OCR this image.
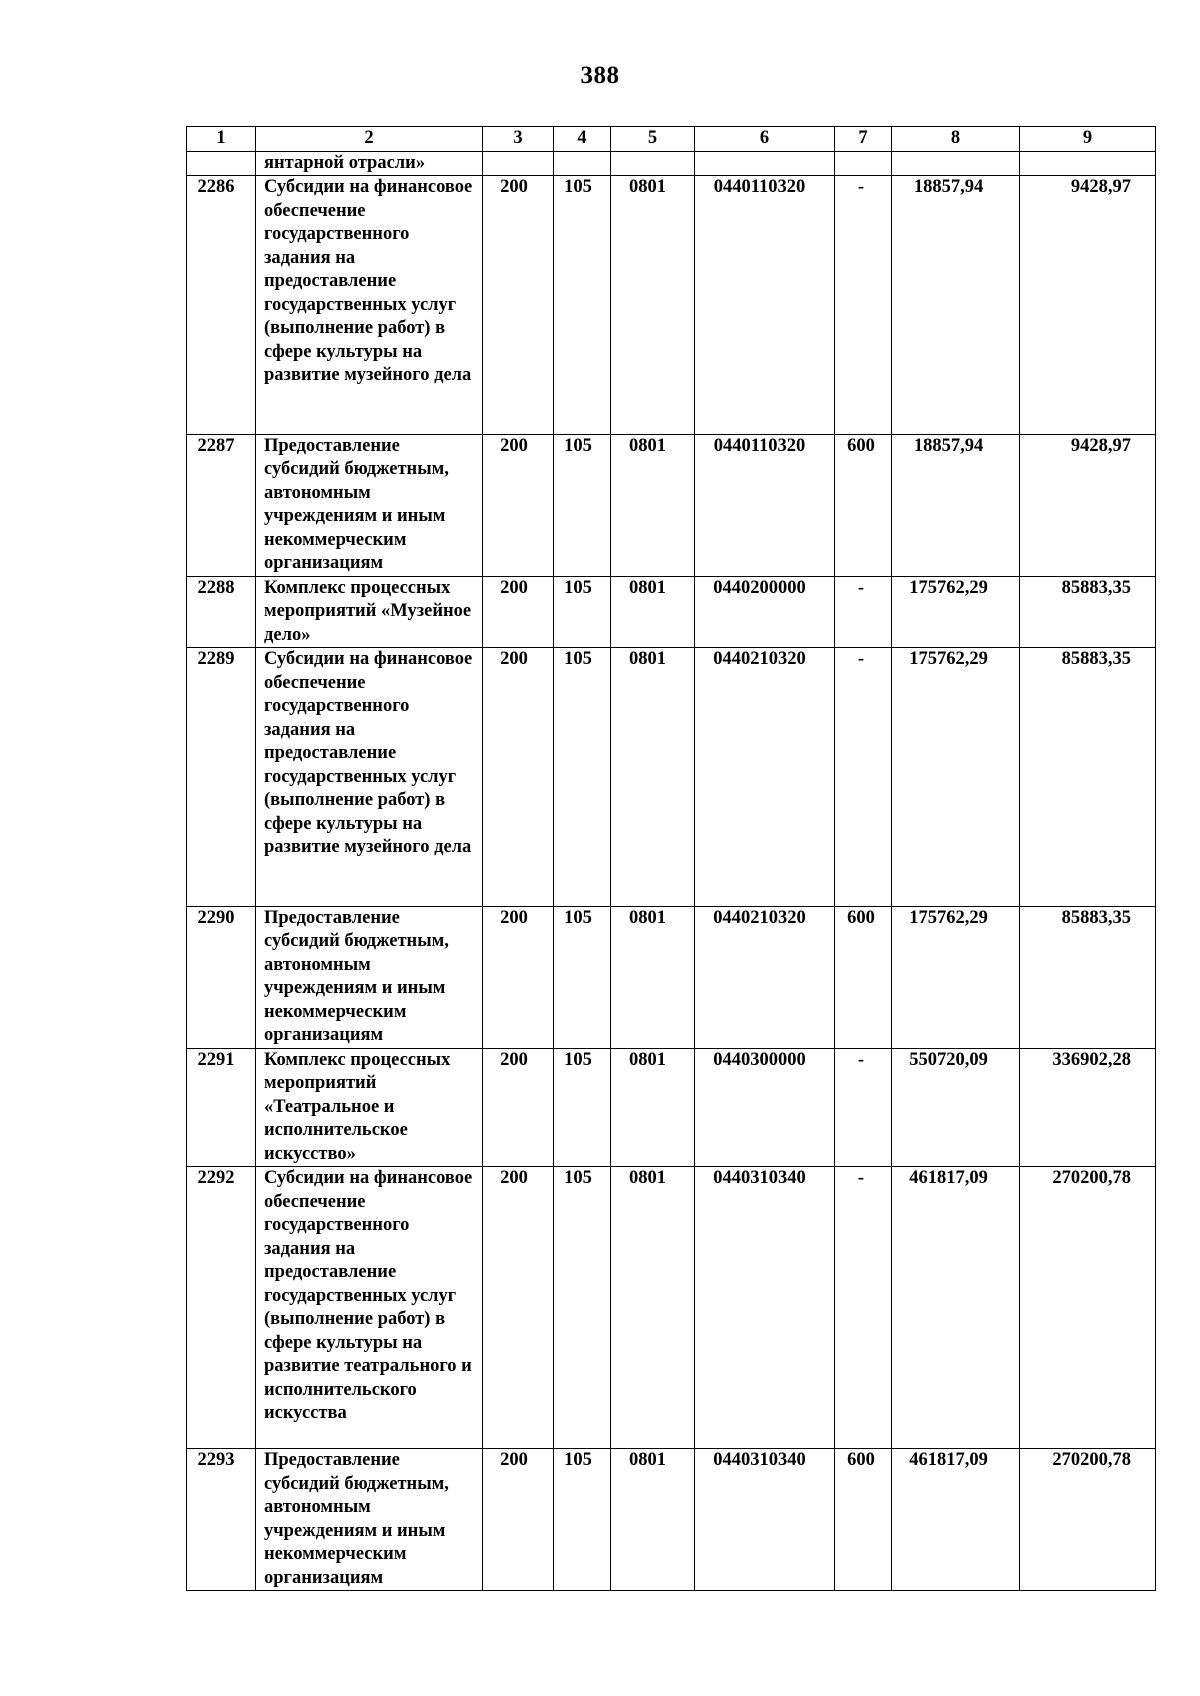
388
1	2	3	4	5	6	7	8	9
	янтарной отрасли»							
2286	Субсидии на финансовое обеспечение государственного задания на предоставление государственных услуг (выполнение работ) в сфере культуры на развитие музейного дела	200	105	0801	0440110320	-	18857,94	9428,97
2287	Предоставление субсидий бюджетным, автономным учреждениям и иным некоммерческим организациям	200	105	0801	0440110320	600	18857,94	9428,97
2288	Комплекс процессных мероприятий «Музейное дело»	200	105	0801	0440200000	-	175762,29	85883,35
2289	Субсидии на финансовое обеспечение государственного задания на предоставление государственных услуг (выполнение работ) в сфере культуры на развитие музейного дела	200	105	0801	0440210320	-	175762,29	85883,35
2290	Предоставление субсидий бюджетным, автономным учреждениям и иным некоммерческим организациям	200	105	0801	0440210320	600	175762,29	85883,35
2291	Комплекс процессных мероприятий «Театральное и исполнительское искусство»	200	105	0801	0440300000	-	550720,09	336902,28
2292	Субсидии на финансовое обеспечение государственного задания на предоставление государственных услуг (выполнение работ) в сфере культуры на развитие театрального и исполнительского искусства	200	105	0801	0440310340	-	461817,09	270200,78
2293	Предоставление субсидий бюджетным, автономным учреждениям и иным некоммерческим организациям	200	105	0801	0440310340	600	461817,09	270200,78
